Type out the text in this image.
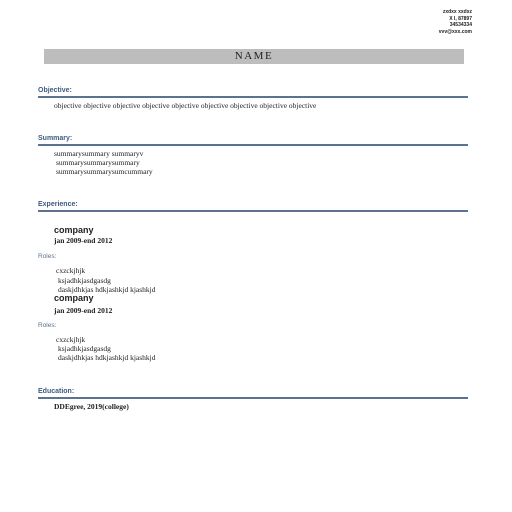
zxdxx xxdxz
X I, 87897
34534334
vvv@xxx.com
NAME
Objective:
objective objective objective objective objective objective objective objective objective
Summary:
summarysummary summaryv
summarysummarysummary
summarysummarysumcummary
Experience:
company
jan 2009-end 2012
Roles:
cxzckjhjk
ksjadhkjasdgasdg
daskjdhkjas hdkjashkjd kjashkjd
company
jan 2009-end 2012
Roles:
cxzckjhjk
ksjadhkjasdgasdg
daskjdhkjas hdkjashkjd kjashkjd
Education:
DDEgree, 2019(college)
